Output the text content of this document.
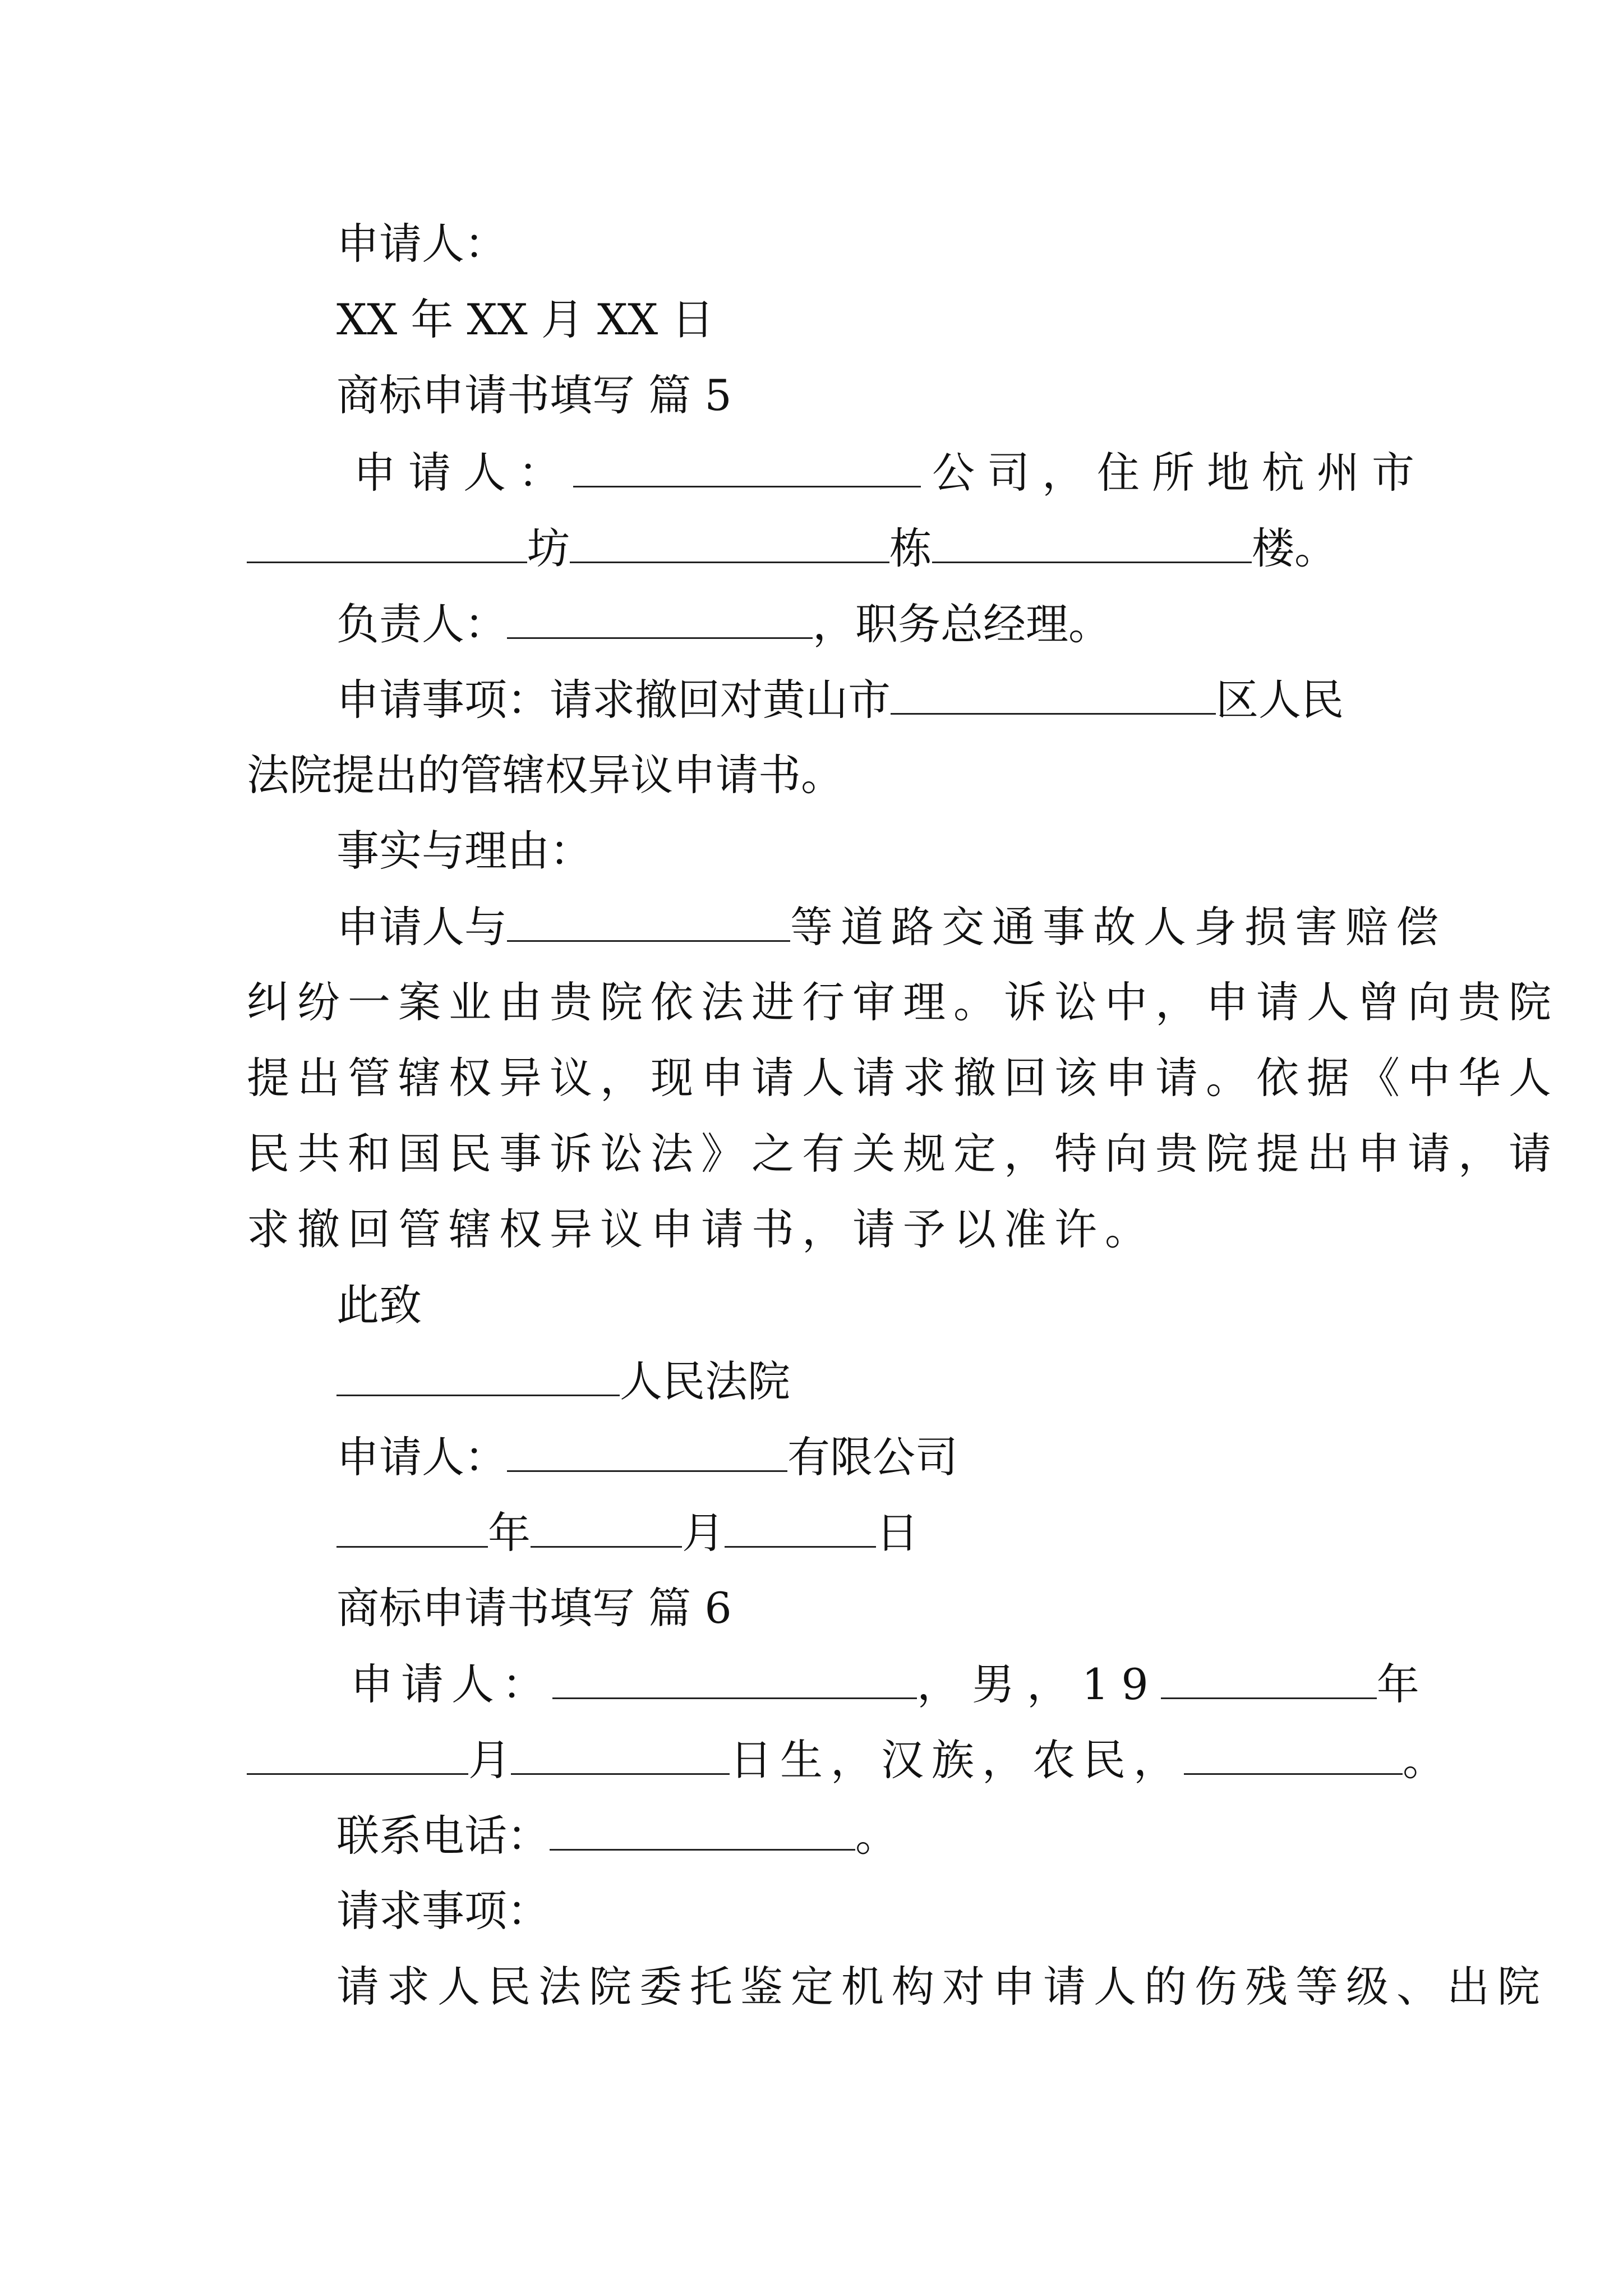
申请人：
XX 年 XX 月 XX 日
商标申请书填写 篇 5
申请人：	公司，住所地杭州市
坊	栋	楼。
负责人：	，职务总经理。
申请事项：请求撤回对黄山市	区人民
法院提出的管辖权异议申请书。
事实与理由：
申请人与	等道路交通事故人身损害赔偿
纠纷一案业由贵院依法进行审理。诉讼中，申请人曾向贵院
提出管辖权异议，现申请人请求撤回该申请。依据《中华人
民共和国民事诉讼法》之有关规定，特向贵院提出申请，请
求撤回管辖权异议申请书，请予以准许。
此致
人民法院
申请人：	有限公司
年	月	日
商标申请书填写 篇 6
申请人：	，男，19	年
月	日生，汉族，农民，	。
联系电话：	。
请求事项：
请求人民法院委托鉴定机构对申请人的伤残等级、出院
